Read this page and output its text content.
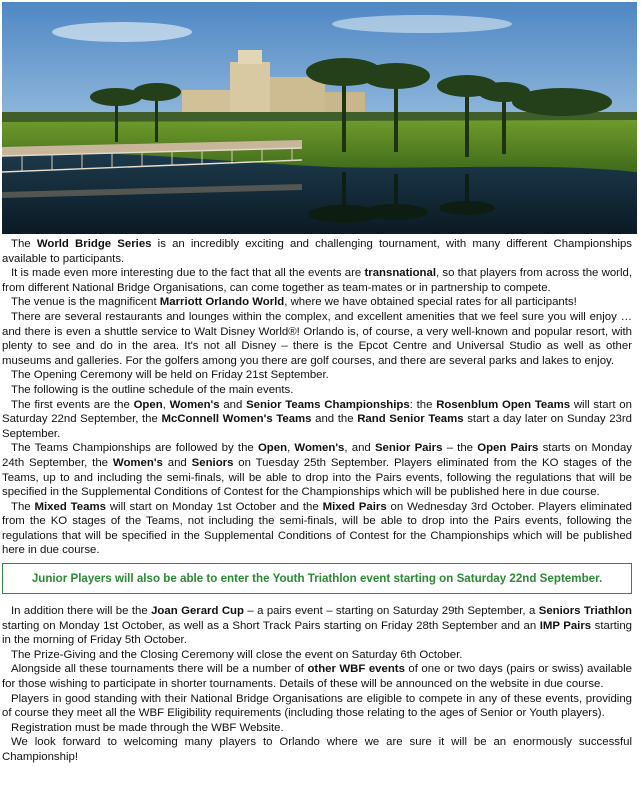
The World Bridge Series is an incredibly exciting and challenging tournament, with many different Championships available to participants.

It is made even more interesting due to the fact that all the events are transnational, so that players from across the world, from different National Bridge Organisations, can come together as team-mates or in partnership to compete.

The venue is the magnificent Marriott Orlando World, where we have obtained special rates for all participants!

There are several restaurants and lounges within the complex, and excellent amenities that we feel sure you will enjoy … and there is even a shuttle service to Walt Disney World®! Orlando is, of course, a very well-known and popular resort, with plenty to see and do in the area. It's not all Disney – there is the Epcot Centre and Universal Studio as well as other museums and galleries. For the golfers among you there are golf courses, and there are several parks and lakes to enjoy.

The Opening Ceremony will be held on Friday 21st September.

The following is the outline schedule of the main events.

The first events are the Open, Women's and Senior Teams Championships: the Rosenblum Open Teams will start on Saturday 22nd September, the McConnell Women's Teams and the Rand Senior Teams start a day later on Sunday 23rd September.

The Teams Championships are followed by the Open, Women's, and Senior Pairs – the Open Pairs starts on Monday 24th September, the Women's and Seniors on Tuesday 25th September. Players eliminated from the KO stages of the Teams, up to and including the semi-finals, will be able to drop into the Pairs events, following the regulations that will be specified in the Supplemental Conditions of Contest for the Championships which will be published here in due course.

The Mixed Teams will start on Monday 1st October and the Mixed Pairs on Wednesday 3rd October. Players eliminated from the KO stages of the Teams, not including the semi-finals, will be able to drop into the Pairs events, following the regulations that will be specified in the Supplemental Conditions of Contest for the Championships which will be published here in due course.

Junior Players will also be able to enter the Youth Triathlon event starting on Saturday 22nd September.

In addition there will be the Joan Gerard Cup – a pairs event – starting on Saturday 29th September, a Seniors Triathlon starting on Monday 1st October, as well as a Short Track Pairs starting on Friday 28th September and an IMP Pairs starting in the morning of Friday 5th October.

The Prize-Giving and the Closing Ceremony will close the event on Saturday 6th October.

Alongside all these tournaments there will be a number of other WBF events of one or two days (pairs or swiss) available for those wishing to participate in shorter tournaments. Details of these will be announced on the website in due course.

Players in good standing with their National Bridge Organisations are eligible to compete in any of these events, providing of course they meet all the WBF Eligibility requirements (including those relating to the ages of Senior or Youth players).

Registration must be made through the WBF Website.

We look forward to welcoming many players to Orlando where we are sure it will be an enormously successful Championship!
